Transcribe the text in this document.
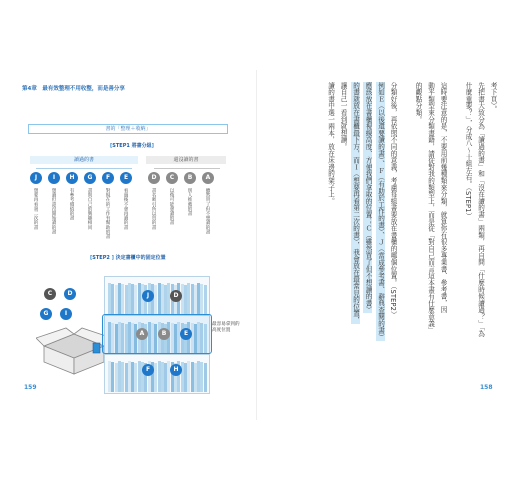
第4章　最有效整理不用收整，而是善分享
書的「整理＋收納」
[STEP1 將書分組]
讀過的書	還沒讀的書
[STEP2 ] 決定書櫃中的固定位置
最容易拿到的高度位置
159
J	I	H	G	F	E	D	C	B	A
想要再看第二次的書	想讀但還沒開始讀的書	有參考價值的書	書與自己的興趣相同	對現在的工作有幫助的書	看過後不會再讀的書	書名吸引所以買的書	以後可能會讀的書	別人推薦的書	雖然買了但不想讀的書
C	D
G	I
J	D
A	B	E
F	H
158
考下頁）。
先把書大致分為「讀過的書」和「沒在讀的書」兩類，再自問「什麼時候讀過？」「為
什麼重要？」，分成八〜十組左右。（STEP1）
這時要注意的是，不要用前幾種類來分類，就算你有很多專業書、參考書，因
動平類型來分類書籍，請從對我的類型上，而是從「對自己而言這本書有什麼意義」
的觀點分類。
分類好後，再依照不同的意義，考慮每組書要放在書櫃的哪個位置。（STEP2）
例如Ｅ（以後還要讀的書）、Ｆ（有助於工作的書）、Ｊ（當成參考書、辭典查閱的書）
應該放在書櫃視線高度、方便我們拿取的位置；Ｃ（雖然買了但不想讀的書）
的書就放在書櫃最下方，而Ｉ（想要再看第二次的書），我會放在最常見的位置，
讓自己一看到就想讀。
讀的書中選一兩本，放在床邊的架子上。
